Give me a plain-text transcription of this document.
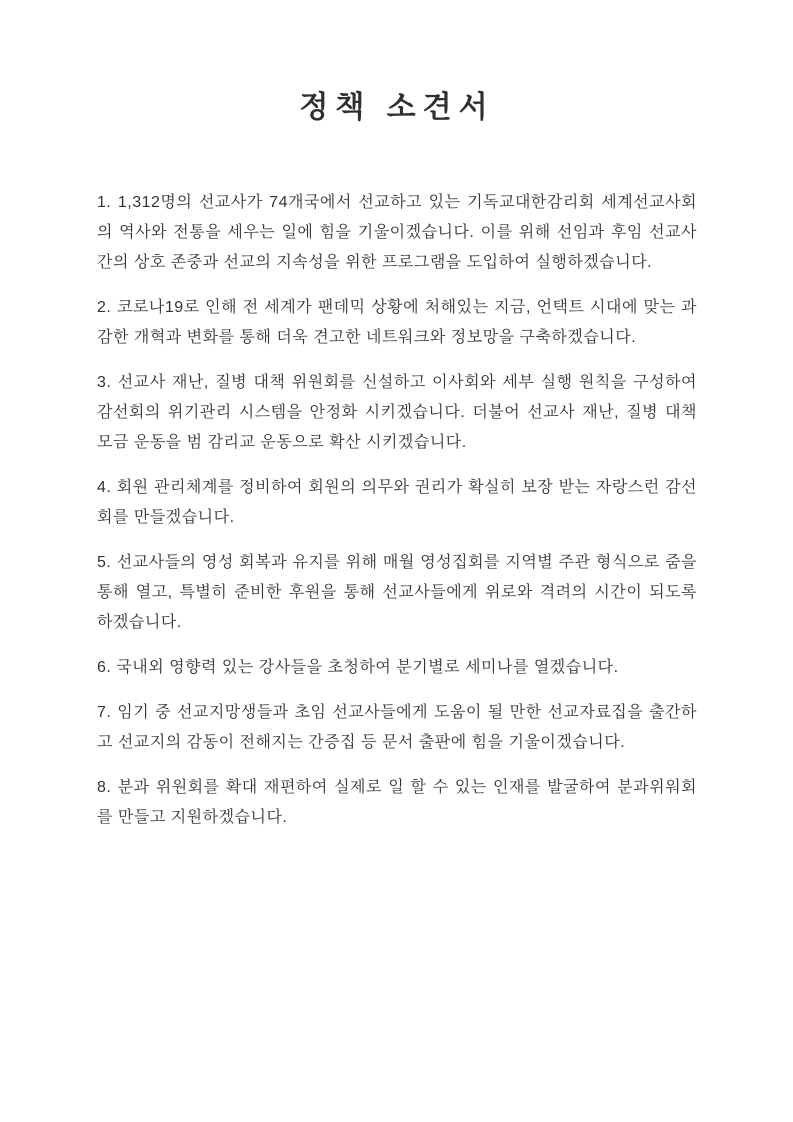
정책 소견서

1. 1,312명의 선교사가 74개국에서 선교하고 있는 기독교대한감리회 세계선교사회의 역사와 전통을 세우는 일에 힘을 기울이겠습니다. 이를 위해 선임과 후임 선교사 간의 상호 존중과 선교의 지속성을 위한 프로그램을 도입하여 실행하겠습니다.

2. 코로나19로 인해 전 세계가 팬데믹 상황에 처해있는 지금, 언택트 시대에 맞는 과감한 개혁과 변화를 통해 더욱 견고한 네트워크와 정보망을 구축하겠습니다.

3. 선교사 재난, 질병 대책 위원회를 신설하고 이사회와 세부 실행 원칙을 구성하여 감선회의 위기관리 시스템을 안정화 시키겠습니다. 더불어 선교사 재난, 질병 대책 모금 운동을 범 감리교 운동으로 확산 시키겠습니다.

4. 회원 관리체계를 정비하여 회원의 의무와 권리가 확실히 보장 받는 자랑스런 감선회를 만들겠습니다.

5. 선교사들의 영성 회복과 유지를 위해 매월 영성집회를 지역별 주관 형식으로 줌을 통해 열고, 특별히 준비한 후원을 통해 선교사들에게 위로와 격려의 시간이 되도록 하겠습니다.

6. 국내외 영향력 있는 강사들을 초청하여 분기별로 세미나를 열겠습니다.

7. 임기 중 선교지망생들과 초임 선교사들에게 도움이 될 만한 선교자료집을 출간하고 선교지의 감동이 전해지는 간증집 등 문서 출판에 힘을 기울이겠습니다.

8. 분과 위원회를 확대 재편하여 실제로 일 할 수 있는 인재를 발굴하여 분과위워회를 만들고 지원하겠습니다.
